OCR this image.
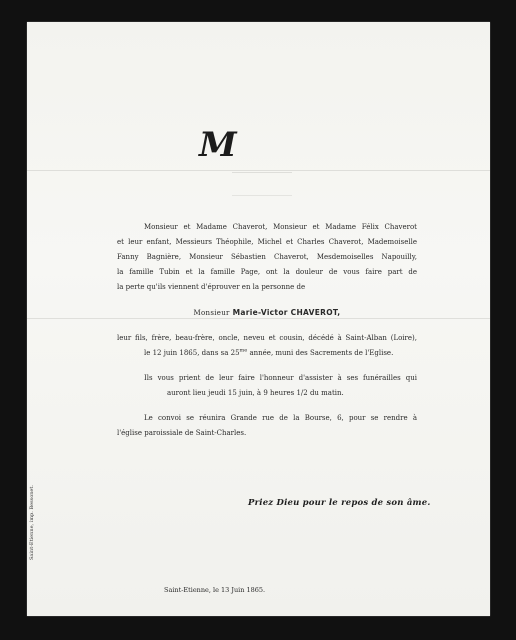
M
Monsieur et Madame Chaverot, Monsieur et Madame Félix Chaverot
et leur enfant, Messieurs Théophile, Michel et Charles Chaverot, Mademoiselle
Fanny Bagnière, Monsieur Sébastien Chaverot, Mesdemoiselles Napouilly,
la famille Tubin et la famille Page, ont la douleur de vous faire part de
la perte qu'ils viennent d'éprouver en la personne de
Monsieur Marie-Victor CHAVEROT,
leur fils, frère, beau-frère, oncle, neveu et cousin, décédé à Saint-Alban (Loire),
le 12 juin 1865, dans sa $25^{me}$ année, muni des Sacrements de l'Eglise.
Ils vous prient de leur faire l'honneur d'assister à ses funérailles qui
auront lieu jeudi 15 juin, à 9 heures 1/2 du matin.
Le convoi se réunira Grande rue de la Bourse, 6, pour se rendre à
l'église paroissiale de Saint-Charles.
Priez Dieu pour le repos de son âme.
Saint-Etienne, imp. Bessonet.
Saint-Etienne, le 13 Juin 1865.
